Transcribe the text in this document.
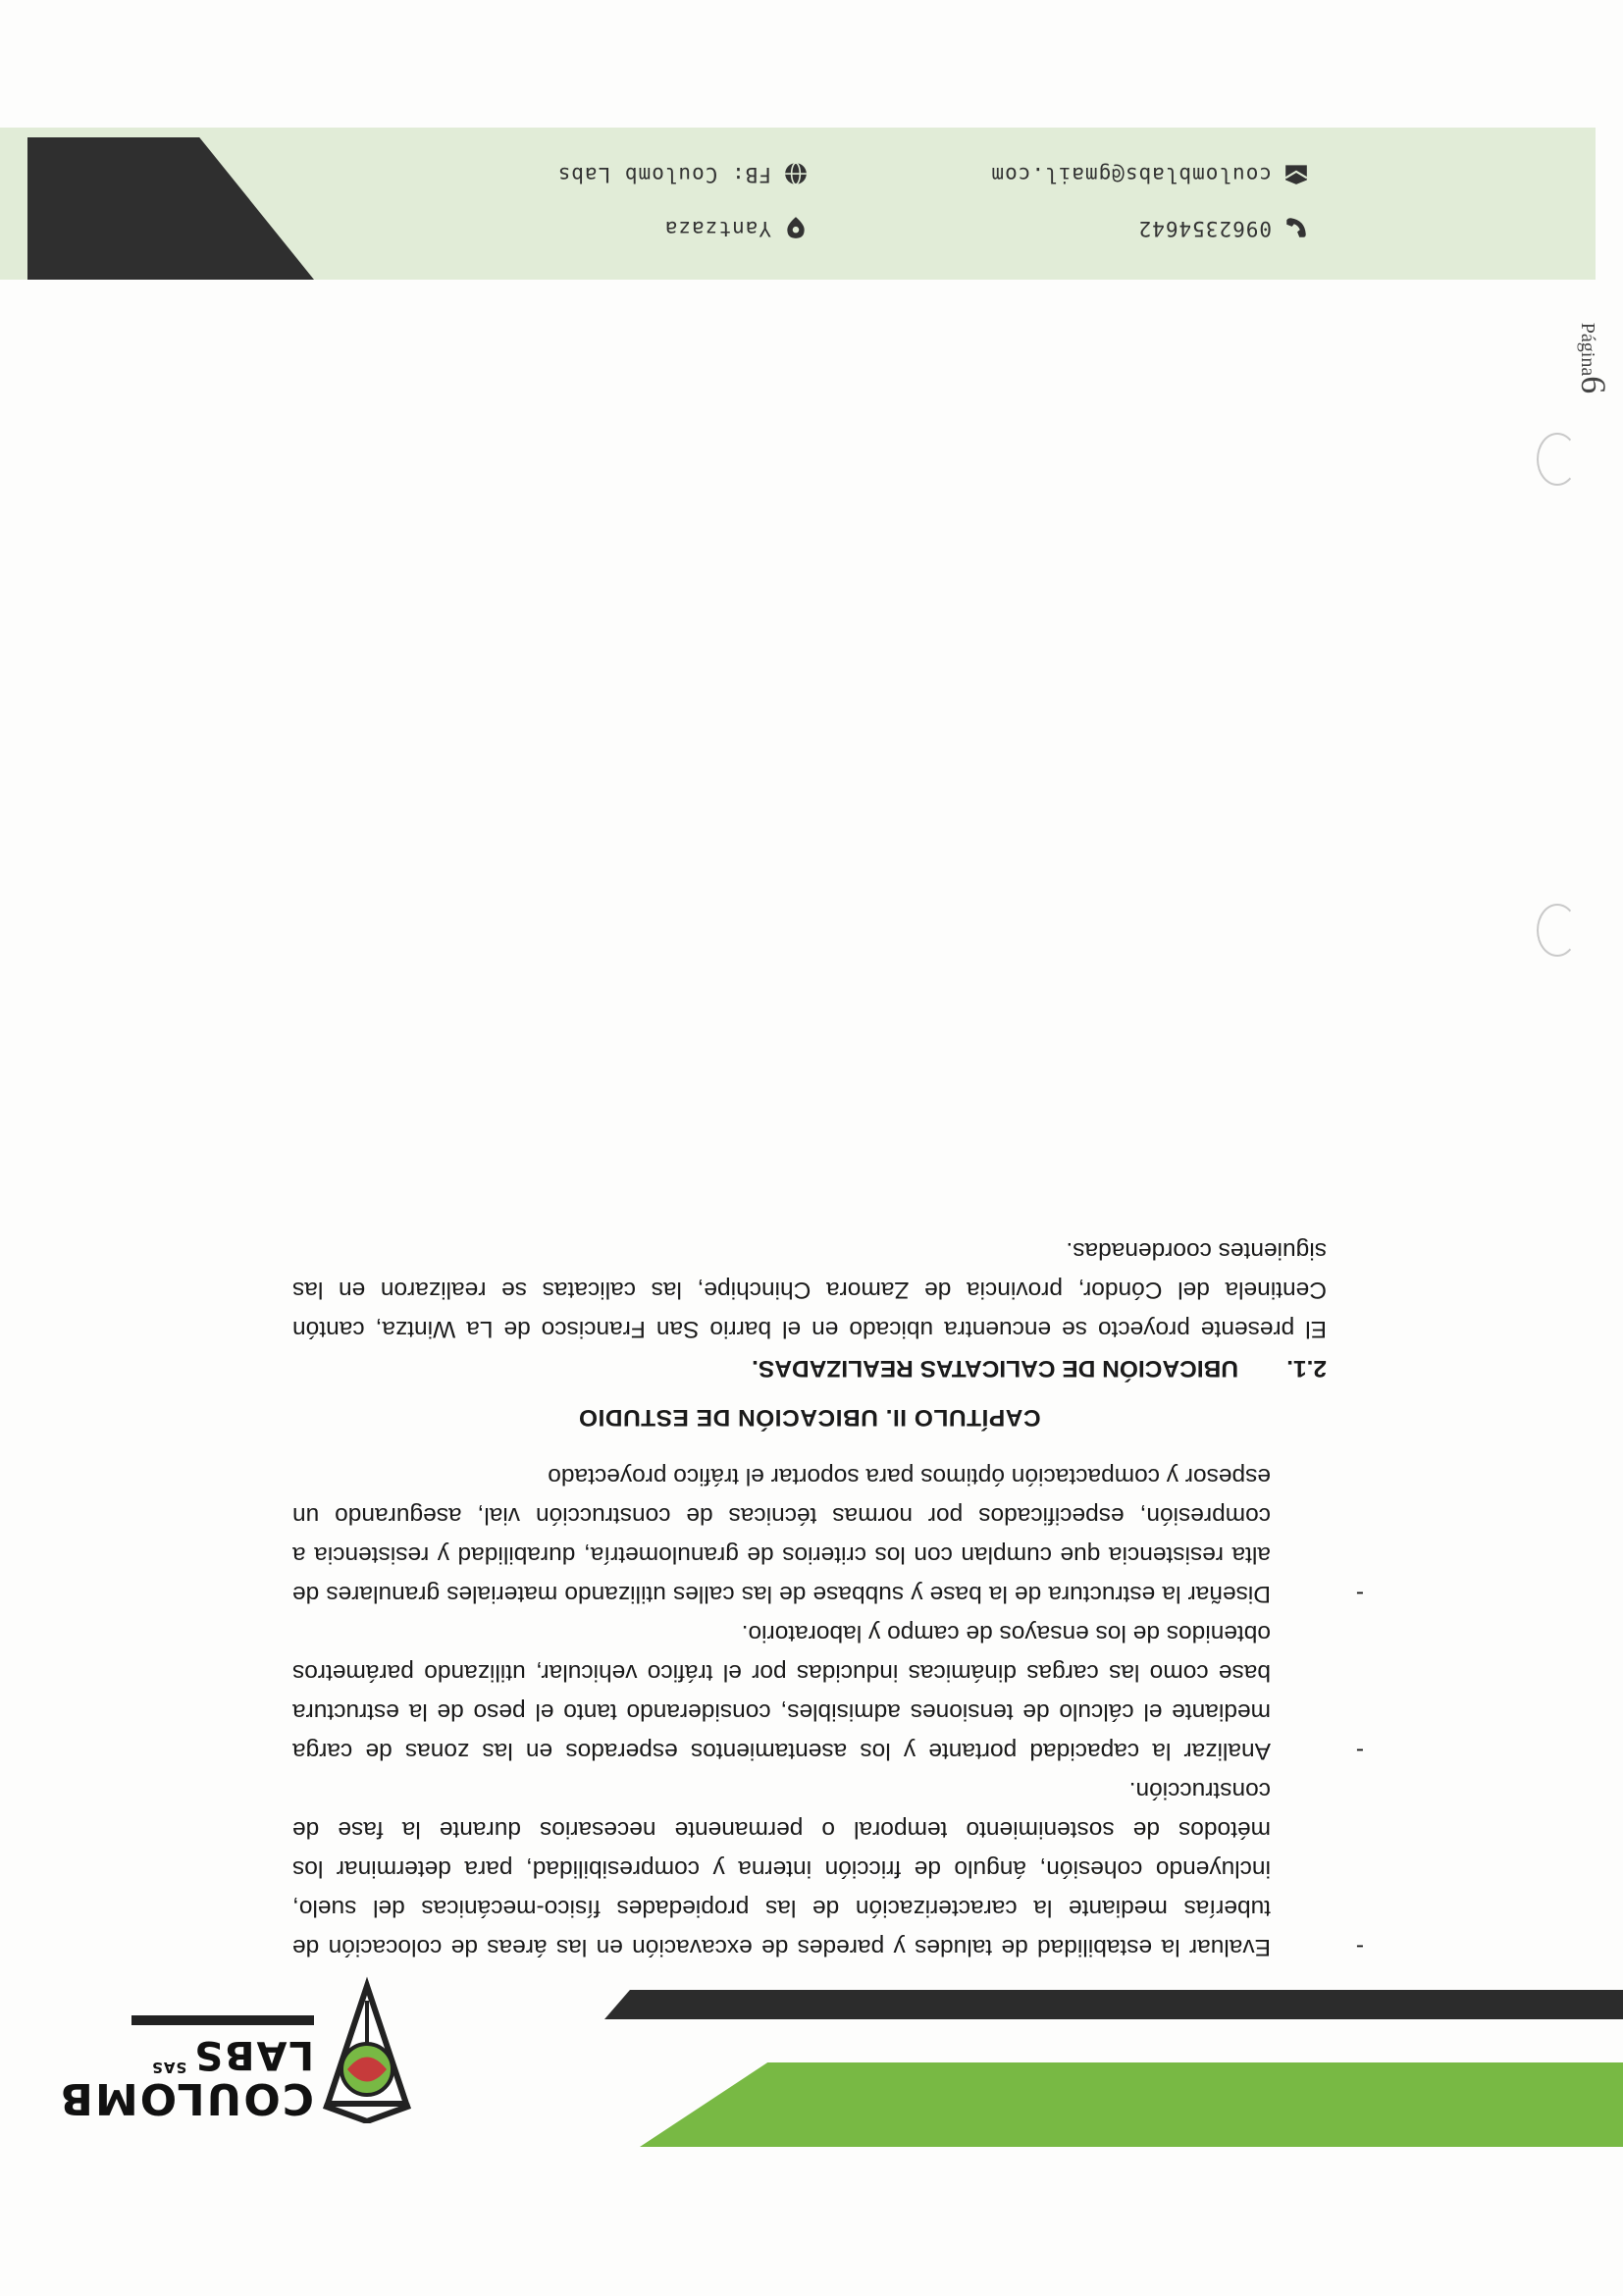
COULOMB
$LABS^{SAS}$
-
Evaluar la estabilidad de taludes y paredes de excavación en las áreas de colocación de tuberías mediante la caracterización de las propiedades físico-mecánicas del suelo, incluyendo cohesión, ángulo de fricción interna y compresibilidad, para determinar los métodos de sostenimiento temporal o permanente necesarios durante la fase de construcción.
-
Analizar la capacidad portante y los asentamientos esperados en las zonas de carga mediante el cálculo de tensiones admisibles, considerando tanto el peso de la estructura base como las cargas dinámicas inducidas por el tráfico vehicular, utilizando parámetros obtenidos de los ensayos de campo y laboratorio.
-
Diseñar la estructura de la base y subbase de las calles utilizando materiales granulares de alta resistencia que cumplan con los criterios de granulometría, durabilidad y resistencia a compresión, especificados por normas técnicas de construcción vial, asegurando un espesor y compactación óptimos para soportar el tráfico proyectado
CAPÍTULO II. UBICACIÓN DE ESTUDIO
2.1.UBICACIÓN DE CALICATAS REALIZADAS.

El presente proyecto se encuentra ubicado en el barrio San Francisco de La Wintza, cantón Centinela del Cóndor, provincia de Zamora Chinchipe, las calicatas se realizaron en las siguientes coordenadas.

Página6
0962354642
coulomblabs@gmail.com
Yantzaza
FB: Coulomb Labs
